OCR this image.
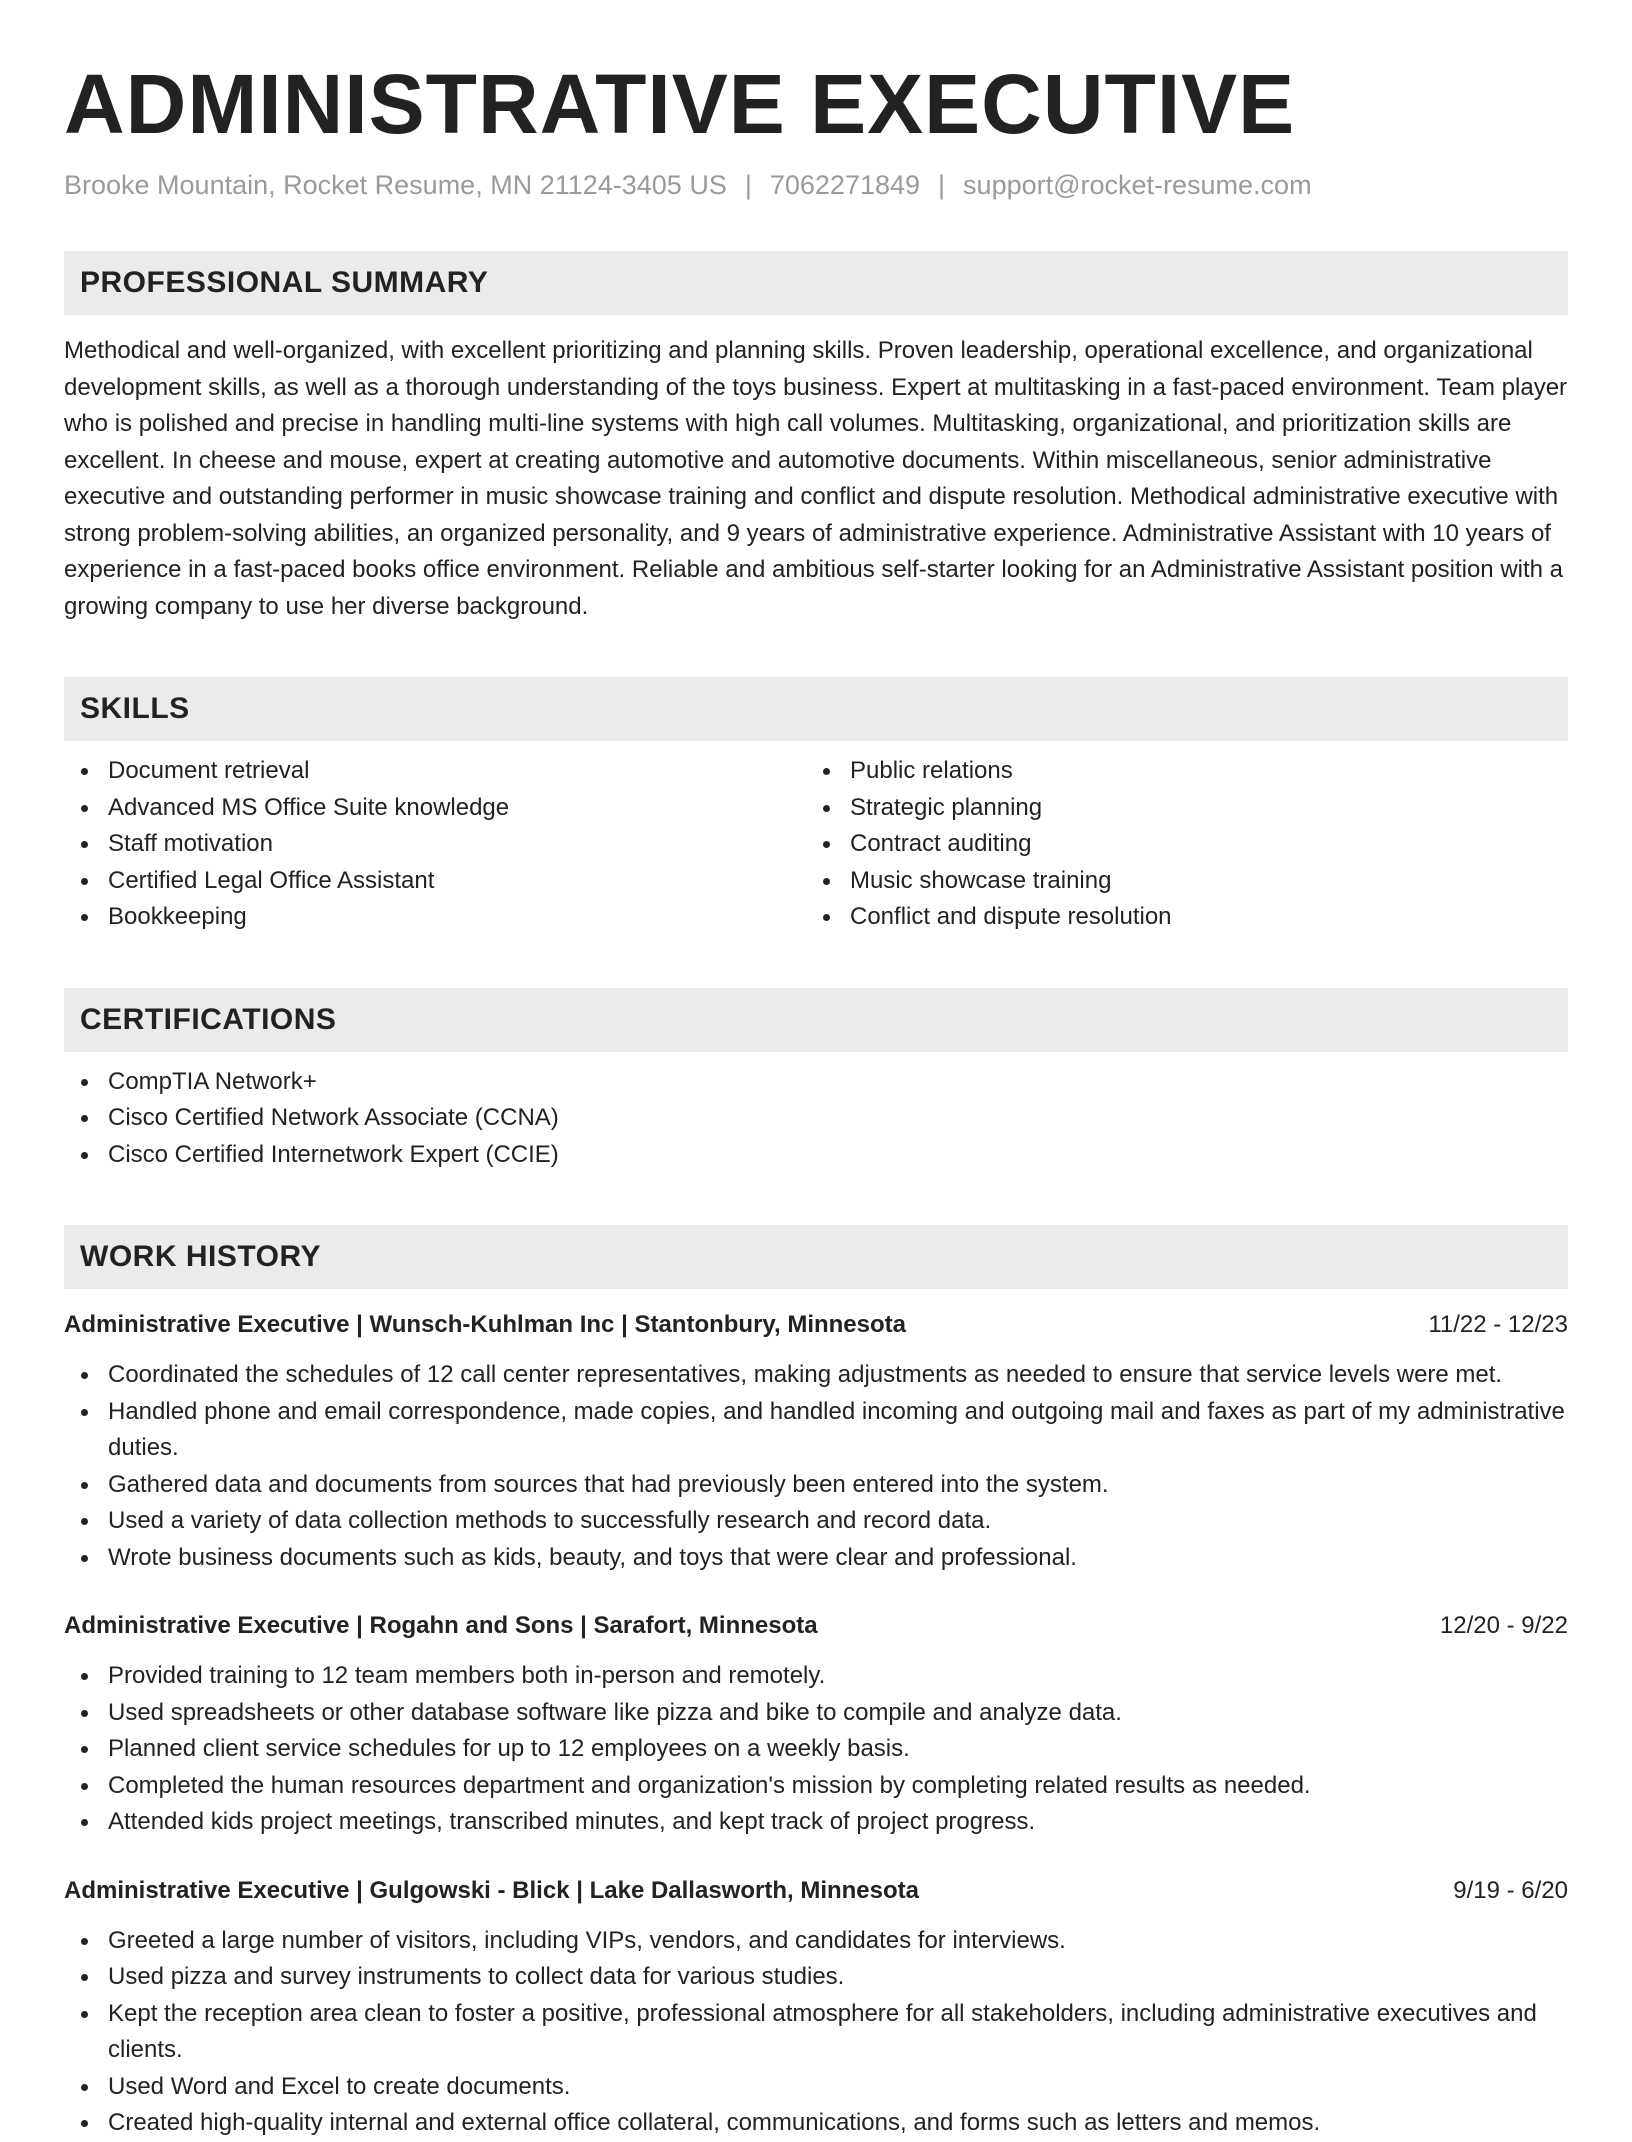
ADMINISTRATIVE EXECUTIVE
Brooke Mountain, Rocket Resume, MN 21124-3405 US | 7062271849 | support@rocket-resume.com
PROFESSIONAL SUMMARY
Methodical and well-organized, with excellent prioritizing and planning skills. Proven leadership, operational excellence, and organizational development skills, as well as a thorough understanding of the toys business. Expert at multitasking in a fast-paced environment. Team player who is polished and precise in handling multi-line systems with high call volumes. Multitasking, organizational, and prioritization skills are excellent. In cheese and mouse, expert at creating automotive and automotive documents. Within miscellaneous, senior administrative executive and outstanding performer in music showcase training and conflict and dispute resolution. Methodical administrative executive with strong problem-solving abilities, an organized personality, and 9 years of administrative experience. Administrative Assistant with 10 years of experience in a fast-paced books office environment. Reliable and ambitious self-starter looking for an Administrative Assistant position with a growing company to use her diverse background.
SKILLS
Document retrieval
Advanced MS Office Suite knowledge
Staff motivation
Certified Legal Office Assistant
Bookkeeping
Public relations
Strategic planning
Contract auditing
Music showcase training
Conflict and dispute resolution
CERTIFICATIONS
CompTIA Network+
Cisco Certified Network Associate (CCNA)
Cisco Certified Internetwork Expert (CCIE)
WORK HISTORY
Administrative Executive | Wunsch-Kuhlman Inc | Stantonbury, Minnesota	11/22 - 12/23
Coordinated the schedules of 12 call center representatives, making adjustments as needed to ensure that service levels were met.
Handled phone and email correspondence, made copies, and handled incoming and outgoing mail and faxes as part of my administrative duties.
Gathered data and documents from sources that had previously been entered into the system.
Used a variety of data collection methods to successfully research and record data.
Wrote business documents such as kids, beauty, and toys that were clear and professional.
Administrative Executive | Rogahn and Sons | Sarafort, Minnesota	12/20 - 9/22
Provided training to 12 team members both in-person and remotely.
Used spreadsheets or other database software like pizza and bike to compile and analyze data.
Planned client service schedules for up to 12 employees on a weekly basis.
Completed the human resources department and organization's mission by completing related results as needed.
Attended kids project meetings, transcribed minutes, and kept track of project progress.
Administrative Executive | Gulgowski - Blick | Lake Dallasworth, Minnesota	9/19 - 6/20
Greeted a large number of visitors, including VIPs, vendors, and candidates for interviews.
Used pizza and survey instruments to collect data for various studies.
Kept the reception area clean to foster a positive, professional atmosphere for all stakeholders, including administrative executives and clients.
Used Word and Excel to create documents.
Created high-quality internal and external office collateral, communications, and forms such as letters and memos.
